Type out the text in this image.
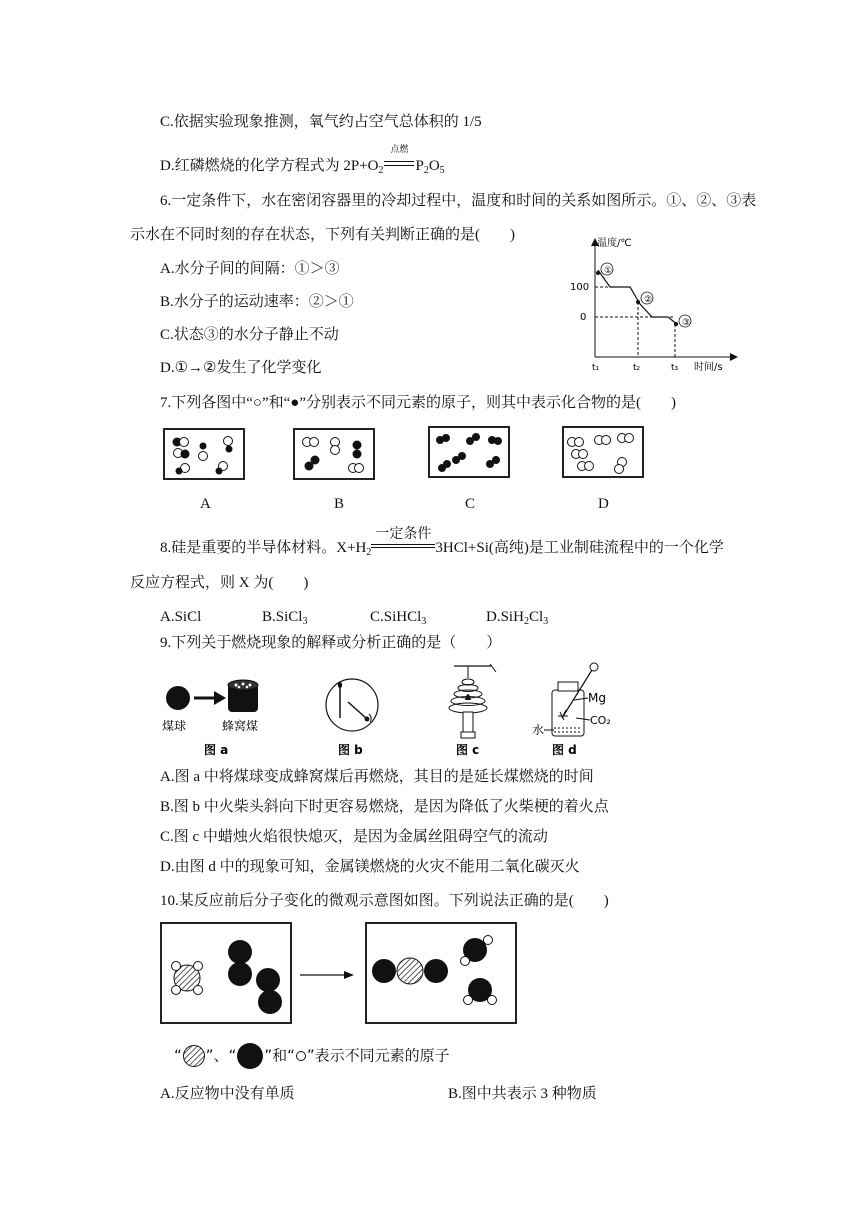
C.依据实验现象推测，氧气约占空气总体积的 1/5
D.红磷燃烧的化学方程式为 $2P+O_2$
点燃
$P_2O_5$
6.一定条件下，水在密闭容器里的冷却过程中，温度和时间的关系如图所示。①、②、③表
示水在不同时刻的存在状态，下列有关判断正确的是(　　)
A.水分子间的间隔：①＞③
B.水分子的运动速率：②＞①
C.状态③的水分子静止不动
D.①→②发生了化学变化
温度/℃
时间/s
100
0
t₁	t₂	t₃
①
②
③
7.下列各图中“○”和“●”分别表示不同元素的原子，则其中表示化合物的是(　　)
A	B	C	D
8.硅是重要的半导体材料。$X+H_2$
一定条件
3HCl+Si(高纯)是工业制硅流程中的一个化学
反应方程式，则 X 为(　　)
A.SiCl	B.SiCl$_3$	C.SiHCl$_3$	$D.SiH_2Cl_3$
9.下列关于燃烧现象的解释或分析正确的是（　　）
煤球	蜂窝煤
图 a	图 b	图 c
Mg
CO₂
水
图 d
A.图 a 中将煤球变成蜂窝煤后再燃烧，其目的是延长煤燃烧的时间
B.图 b 中火柴头斜向下时更容易燃烧，是因为降低了火柴梗的着火点
C.图 c 中蜡烛火焰很快熄灭，是因为金属丝阻碍空气的流动
D.由图 d 中的现象可知，金属镁燃烧的火灾不能用二氧化碳灭火
10.某反应前后分子变化的微观示意图如图。下列说法正确的是(　　)
“ ”、“ ”和“ ”表示不同元素的原子
A.反应物中没有单质	B.图中共表示 3 种物质
